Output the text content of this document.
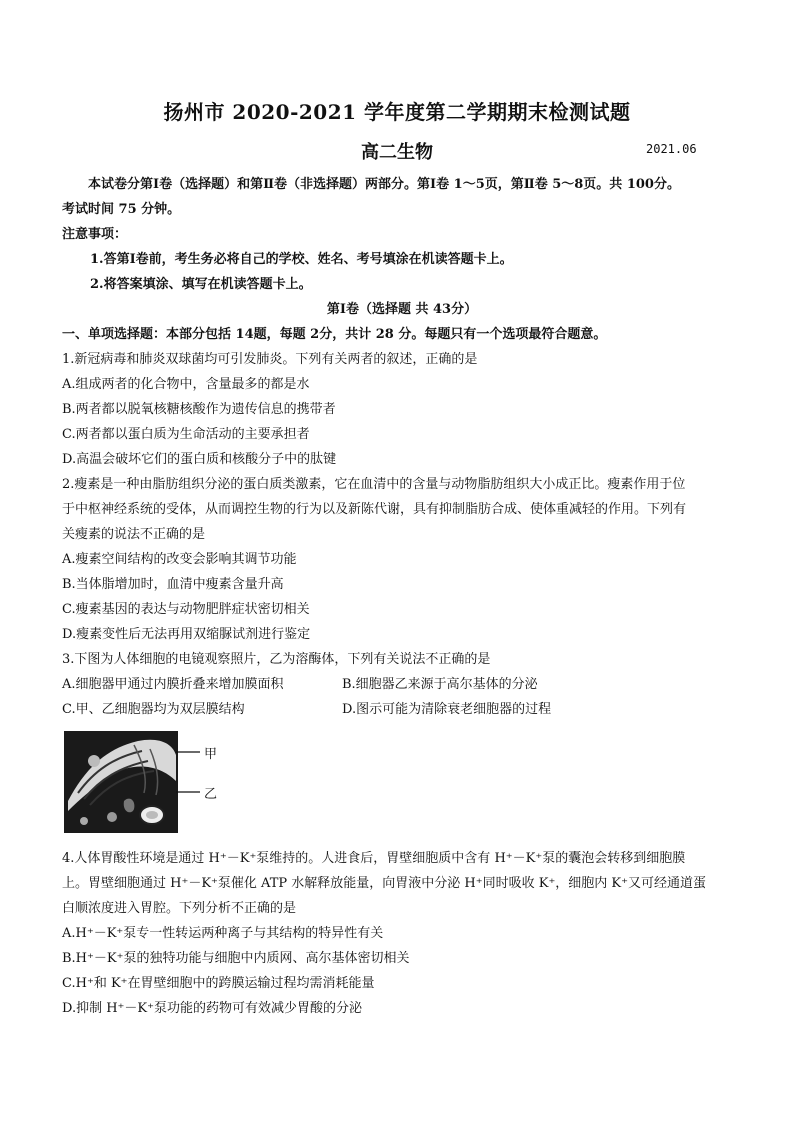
扬州市 2020-2021 学年度第二学期期末检测试题
高二生物	2021.06
本试卷分第Ⅰ卷（选择题）和第Ⅱ卷（非选择题）两部分。第Ⅰ卷 1～5页，第Ⅱ卷 5～8页。共 100分。
考试时间 75 分钟。
注意事项：
1.答第Ⅰ卷前，考生务必将自己的学校、姓名、考号填涂在机读答题卡上。
2.将答案填涂、填写在机读答题卡上。
第Ⅰ卷（选择题 共 43分）
一、单项选择题：本部分包括 14题，每题 2分，共计 28 分。每题只有一个选项最符合题意。
1.新冠病毒和肺炎双球菌均可引发肺炎。下列有关两者的叙述，正确的是
A.组成两者的化合物中，含量最多的都是水
B.两者都以脱氧核糖核酸作为遗传信息的携带者
C.两者都以蛋白质为生命活动的主要承担者
D.高温会破坏它们的蛋白质和核酸分子中的肽键
2.瘦素是一种由脂肪组织分泌的蛋白质类激素，它在血清中的含量与动物脂肪组织大小成正比。瘦素作用于位
于中枢神经系统的受体，从而调控生物的行为以及新陈代谢，具有抑制脂肪合成、使体重减轻的作用。下列有
关瘦素的说法不正确的是
A.瘦素空间结构的改变会影响其调节功能
B.当体脂增加时，血清中瘦素含量升高
C.瘦素基因的表达与动物肥胖症状密切相关
D.瘦素变性后无法再用双缩脲试剂进行鉴定
3.下图为人体细胞的电镜观察照片，乙为溶酶体，下列有关说法不正确的是
A.细胞器甲通过内膜折叠来增加膜面积	B.细胞器乙来源于高尔基体的分泌
C.甲、乙细胞器均为双层膜结构	D.图示可能为清除衰老细胞器的过程
甲
乙
4.人体胃酸性环境是通过 H⁺－K⁺泵维持的。人进食后，胃壁细胞质中含有 H⁺－K⁺泵的囊泡会转移到细胞膜
上。胃壁细胞通过 H⁺－K⁺泵催化 ATP 水解释放能量，向胃液中分泌 H⁺同时吸收 K⁺，细胞内 K⁺又可经通道蛋
白顺浓度进入胃腔。下列分析不正确的是
A.H⁺－K⁺泵专一性转运两种离子与其结构的特异性有关
B.H⁺－K⁺泵的独特功能与细胞中内质网、高尔基体密切相关
C.H⁺和 K⁺在胃壁细胞中的跨膜运输过程均需消耗能量
D.抑制 H⁺－K⁺泵功能的药物可有效减少胃酸的分泌
